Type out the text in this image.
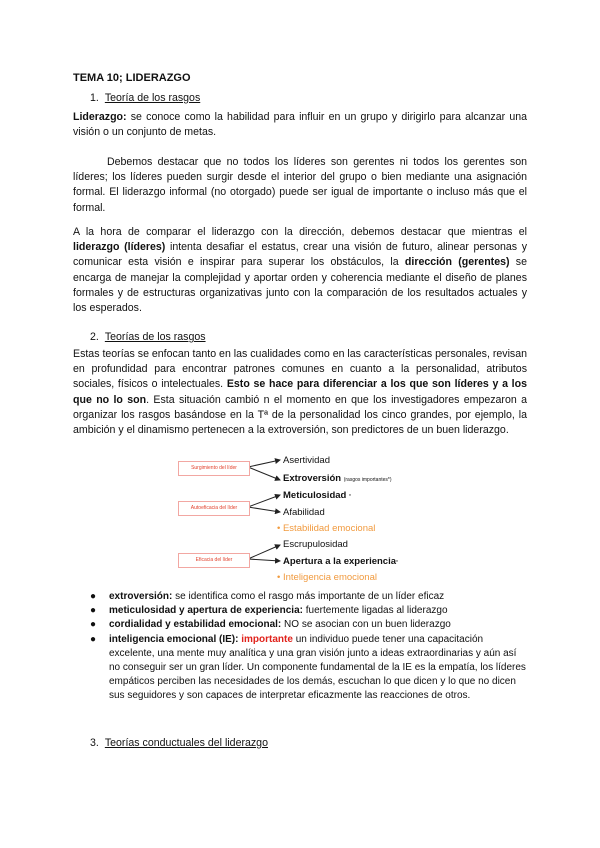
TEMA 10; LIDERAZGO
1. Teoría de los rasgos

Liderazgo: se conoce como la habilidad para influir en un grupo y dirigirlo para alcanzar una visión o un conjunto de metas.

Debemos destacar que no todos los líderes son gerentes ni todos los gerentes son líderes; los líderes pueden surgir desde el interior del grupo o bien mediante una asignación formal. El liderazgo informal (no otorgado) puede ser igual de importante o incluso más que el formal.

A la hora de comparar el liderazgo con la dirección, debemos destacar que mientras el liderazgo (líderes) intenta desafiar el estatus, crear una visión de futuro, alinear personas y comunicar esta visión e inspirar para superar los obstáculos, la dirección (gerentes) se encarga de manejar la complejidad y aportar orden y coherencia mediante el diseño de planes formales y de estructuras organizativas junto con la comparación de los resultados actuales y los esperados.

2. Teorías de los rasgos

Estas teorías se enfocan tanto en las cualidades como en las características personales, revisan en profundidad para encontrar patrones comunes en cuanto a la personalidad, atributos sociales, físicos o intelectuales. Esto se hace para diferenciar a los que son líderes y a los que no lo son. Esta situación cambió n el momento en que los investigadores empezaron a organizar los rasgos basándose en la Tª de la personalidad los cinco grandes, por ejemplo, la ambición y el dinamismo pertenecen a la extroversión, son predictores de un buen liderazgo.

Surgimiento del líder
Autoeficacia del líder
Eficacia del líder
Asertividad
Extroversión (rasgos importantes*)
Meticulosidad *
Afabilidad
• Estabilidad emocional
Escrupulosidad
Apertura a la experiencia*
• Inteligencia emocional
● extroversión: se identifica como el rasgo más importante de un líder eficaz
● meticulosidad y apertura de experiencia: fuertemente ligadas al liderazgo
● cordialidad y estabilidad emocional: NO se asocian con un buen liderazgo
● inteligencia emocional (IE): importante un individuo puede tener una capacitación excelente, una mente muy analítica y una gran visión junto a ideas extraordinarias y aún así no conseguir ser un gran líder. Un componente fundamental de la IE es la empatía, los líderes empáticos perciben las necesidades de los demás, escuchan lo que dicen y lo que no dicen sus seguidores y son capaces de interpretar eficazmente las reacciones de otros.
3. Teorías conductuales del liderazgo
